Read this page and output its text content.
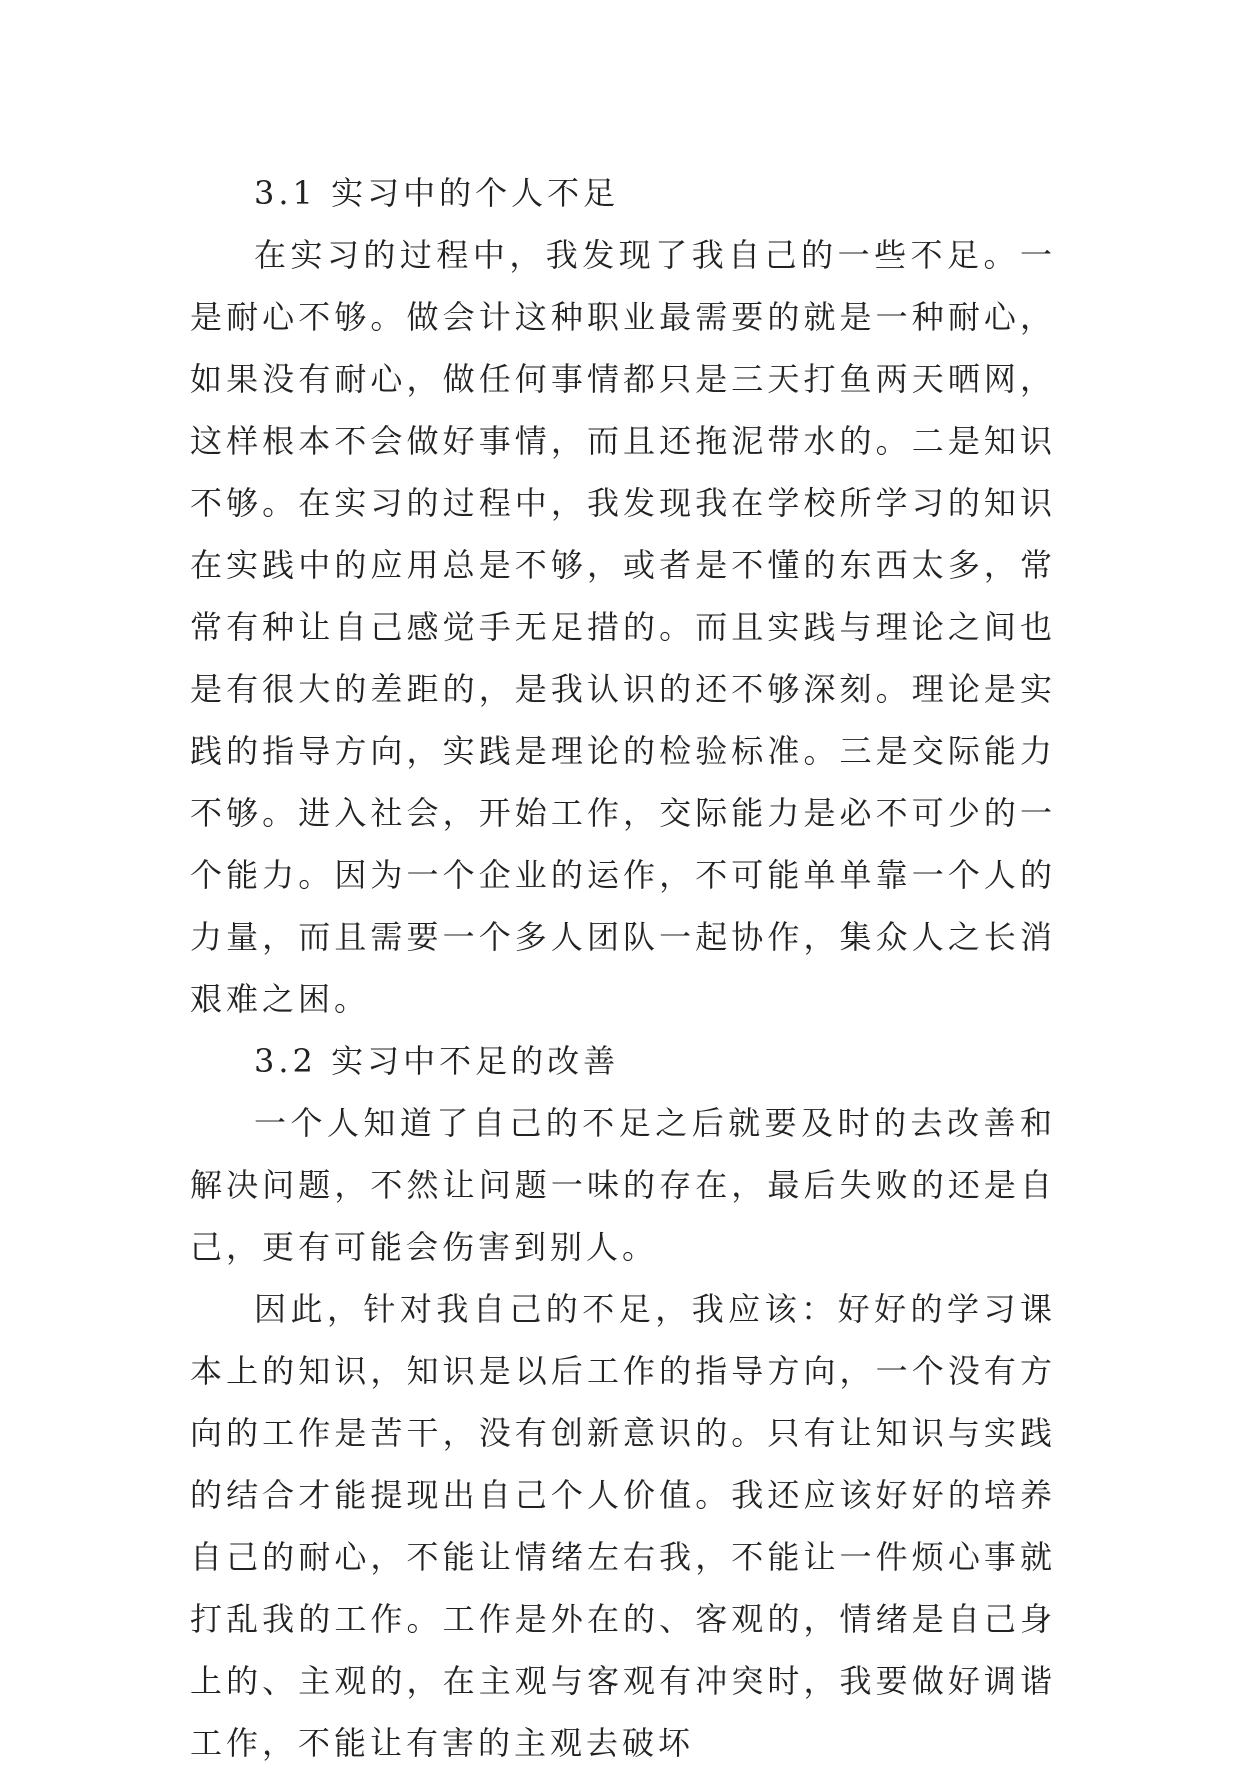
3.1 实习中的个人不足

在实习的过程中，我发现了我自己的一些不足。一是耐心不够。做会计这种职业最需要的就是一种耐心，如果没有耐心，做任何事情都只是三天打鱼两天晒网，这样根本不会做好事情，而且还拖泥带水的。二是知识不够。在实习的过程中，我发现我在学校所学习的知识在实践中的应用总是不够，或者是不懂的东西太多，常常有种让自己感觉手无足措的。而且实践与理论之间也是有很大的差距的，是我认识的还不够深刻。理论是实践的指导方向，实践是理论的检验标准。三是交际能力不够。进入社会，开始工作，交际能力是必不可少的一个能力。因为一个企业的运作，不可能单单靠一个人的力量，而且需要一个多人团队一起协作，集众人之长消艰难之困。

3.2 实习中不足的改善

一个人知道了自己的不足之后就要及时的去改善和解决问题，不然让问题一味的存在，最后失败的还是自己，更有可能会伤害到别人。

因此，针对我自己的不足，我应该：好好的学习课本上的知识，知识是以后工作的指导方向，一个没有方向的工作是苦干，没有创新意识的。只有让知识与实践的结合才能提现出自己个人价值。我还应该好好的培养自己的耐心，不能让情绪左右我，不能让一件烦心事就打乱我的工作。工作是外在的、客观的，情绪是自己身上的、主观的，在主观与客观有冲突时，我要做好调谐工作，不能让有害的主观去破坏
